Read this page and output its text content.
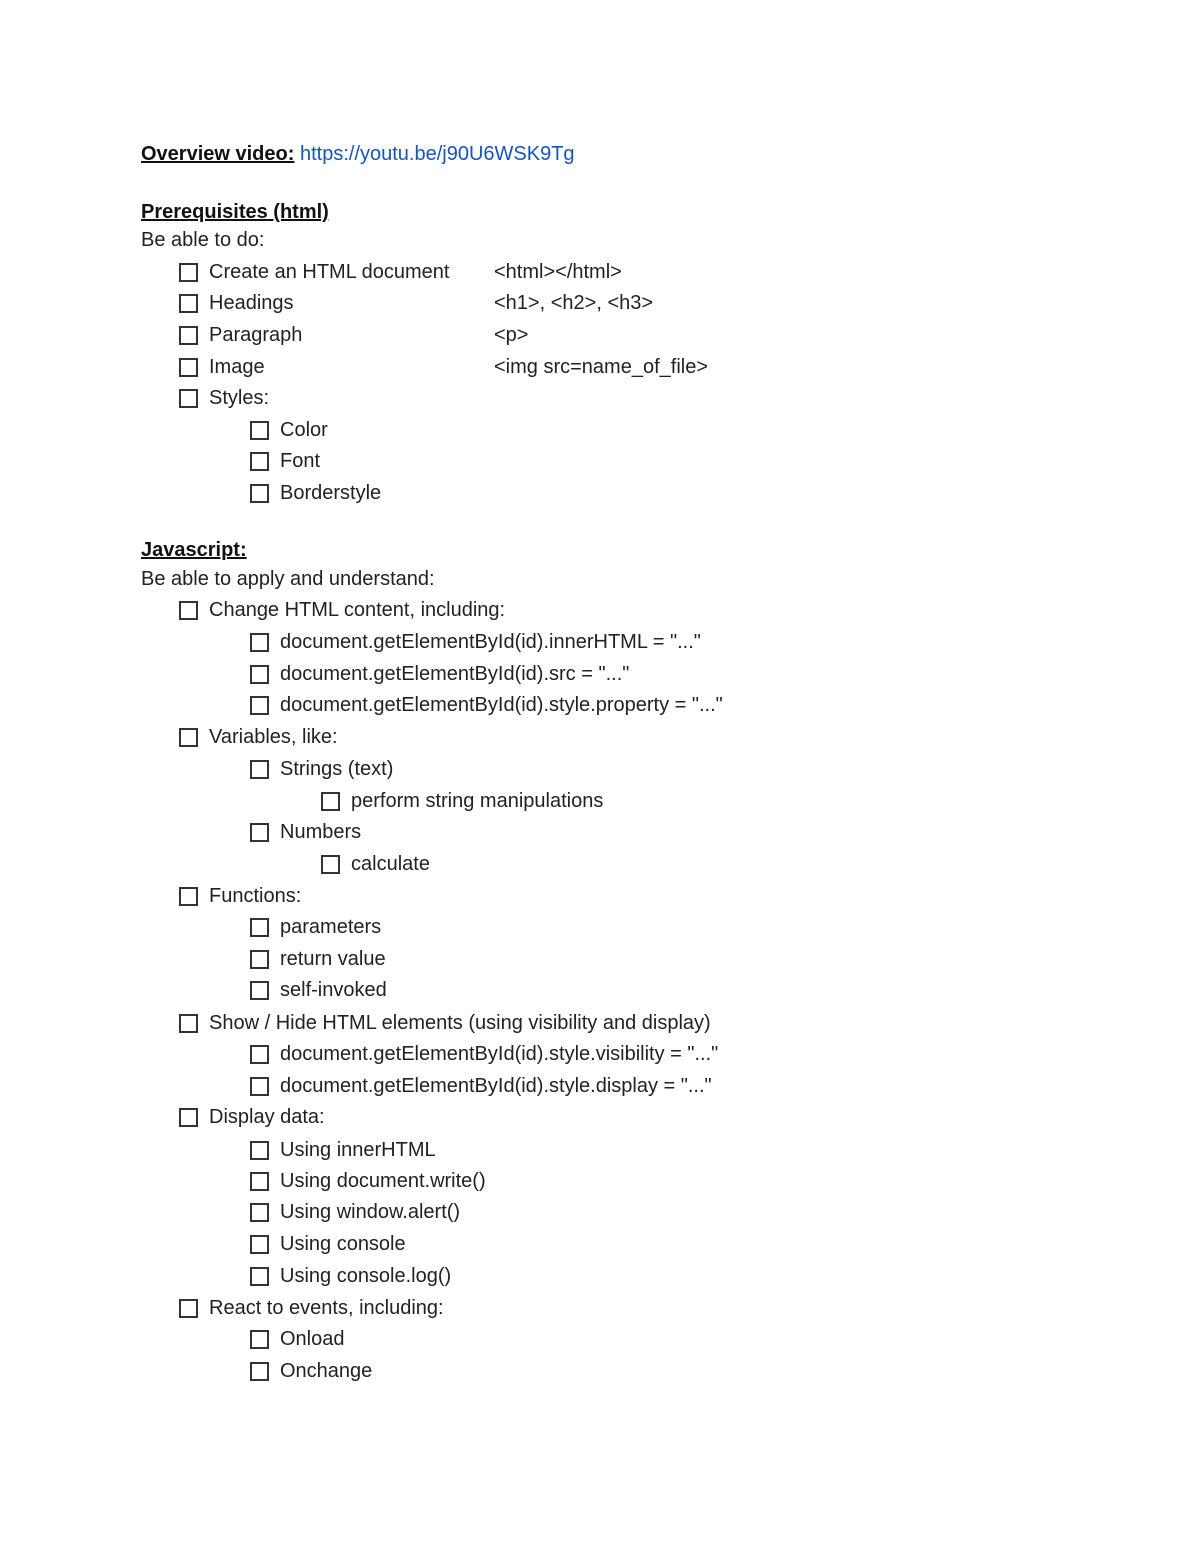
Overview video: https://youtu.be/j90U6WSK9Tg
Prerequisites (html)
Be able to do:
Create an HTML document <html></html>
Headings	<h1>, <h2>, <h3>
Paragraph	<p>
Image	<img src=name_of_file>
Styles:
Color
Font
Borderstyle
Javascript:
Be able to apply and understand:
Change HTML content, including:
document.getElementById(id).innerHTML = "..."
document.getElementById(id).src = "..."
document.getElementById(id).style.property = "..."
Variables, like:
Strings (text)
perform string manipulations
Numbers
calculate
Functions:
parameters
return value
self-invoked
Show / Hide HTML elements (using visibility and display)
document.getElementById(id).style.visibility = "..."
document.getElementById(id).style.display = "..."
Display data:
Using innerHTML
Using document.write()
Using window.alert()
Using console
Using console.log()
React to events, including:
Onload
Onchange
